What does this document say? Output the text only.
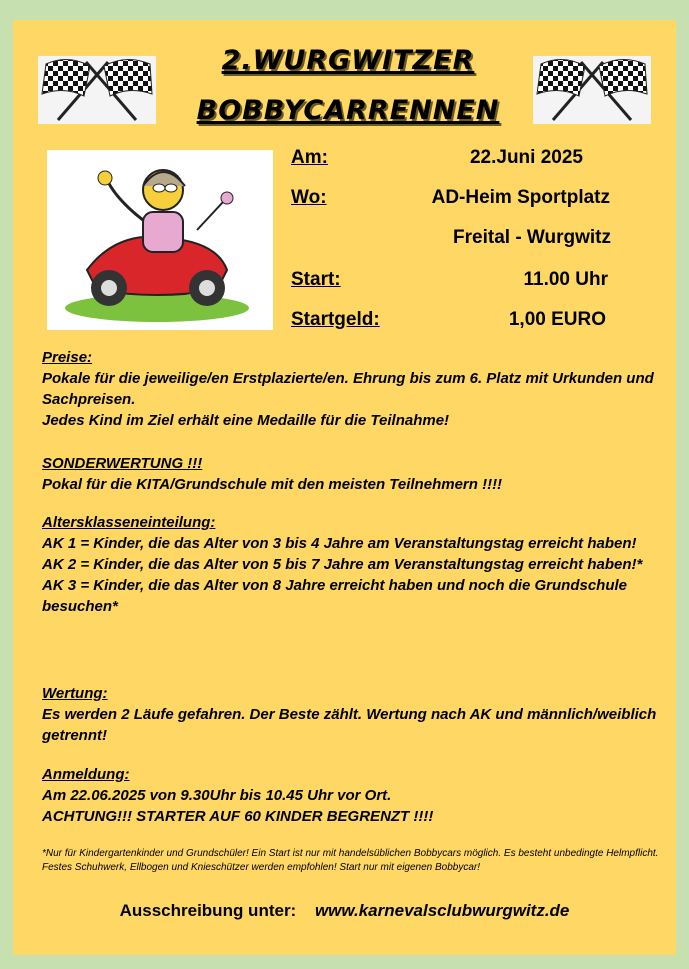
2.WURGWITZER
BOBBYCARRENNEN
Am:	22.Juni 2025
Wo:	AD-Heim Sportplatz
Freital - Wurgwitz
Start:	11.00 Uhr
Startgeld:	1,00 EURO
Preise:
Pokale für die jeweilige/en Erstplazierte/en. Ehrung bis zum 6. Platz mit Urkunden und Sachpreisen.
Jedes Kind im Ziel erhält eine Medaille für die Teilnahme!
SONDERWERTUNG !!!
Pokal für die KITA/Grundschule mit den meisten Teilnehmern !!!!
Altersklasseneinteilung:
AK 1 = Kinder, die das Alter von 3 bis 4 Jahre am Veranstaltungstag erreicht haben!
AK 2 = Kinder, die das Alter von 5 bis 7 Jahre am Veranstaltungstag erreicht haben!*
AK 3 = Kinder, die das Alter von 8 Jahre erreicht haben und noch die Grundschule besuchen*
Wertung:
Es werden 2 Läufe gefahren. Der Beste zählt. Wertung nach AK und männlich/weiblich getrennt!
Anmeldung:
Am 22.06.2025 von 9.30Uhr bis 10.45 Uhr vor Ort.
ACHTUNG!!! STARTER AUF 60 KINDER BEGRENZT !!!!
*Nur für Kindergartenkinder und Grundschüler! Ein Start ist nur mit handelsüblichen Bobbycars möglich. Es besteht unbedingte Helmpflicht. Festes Schuhwerk, Ellbogen und Knieschützer werden empfohlen! Start nur mit eigenen Bobbycar!
Ausschreibung unter: www.karnevalsclubwurgwitz.de
